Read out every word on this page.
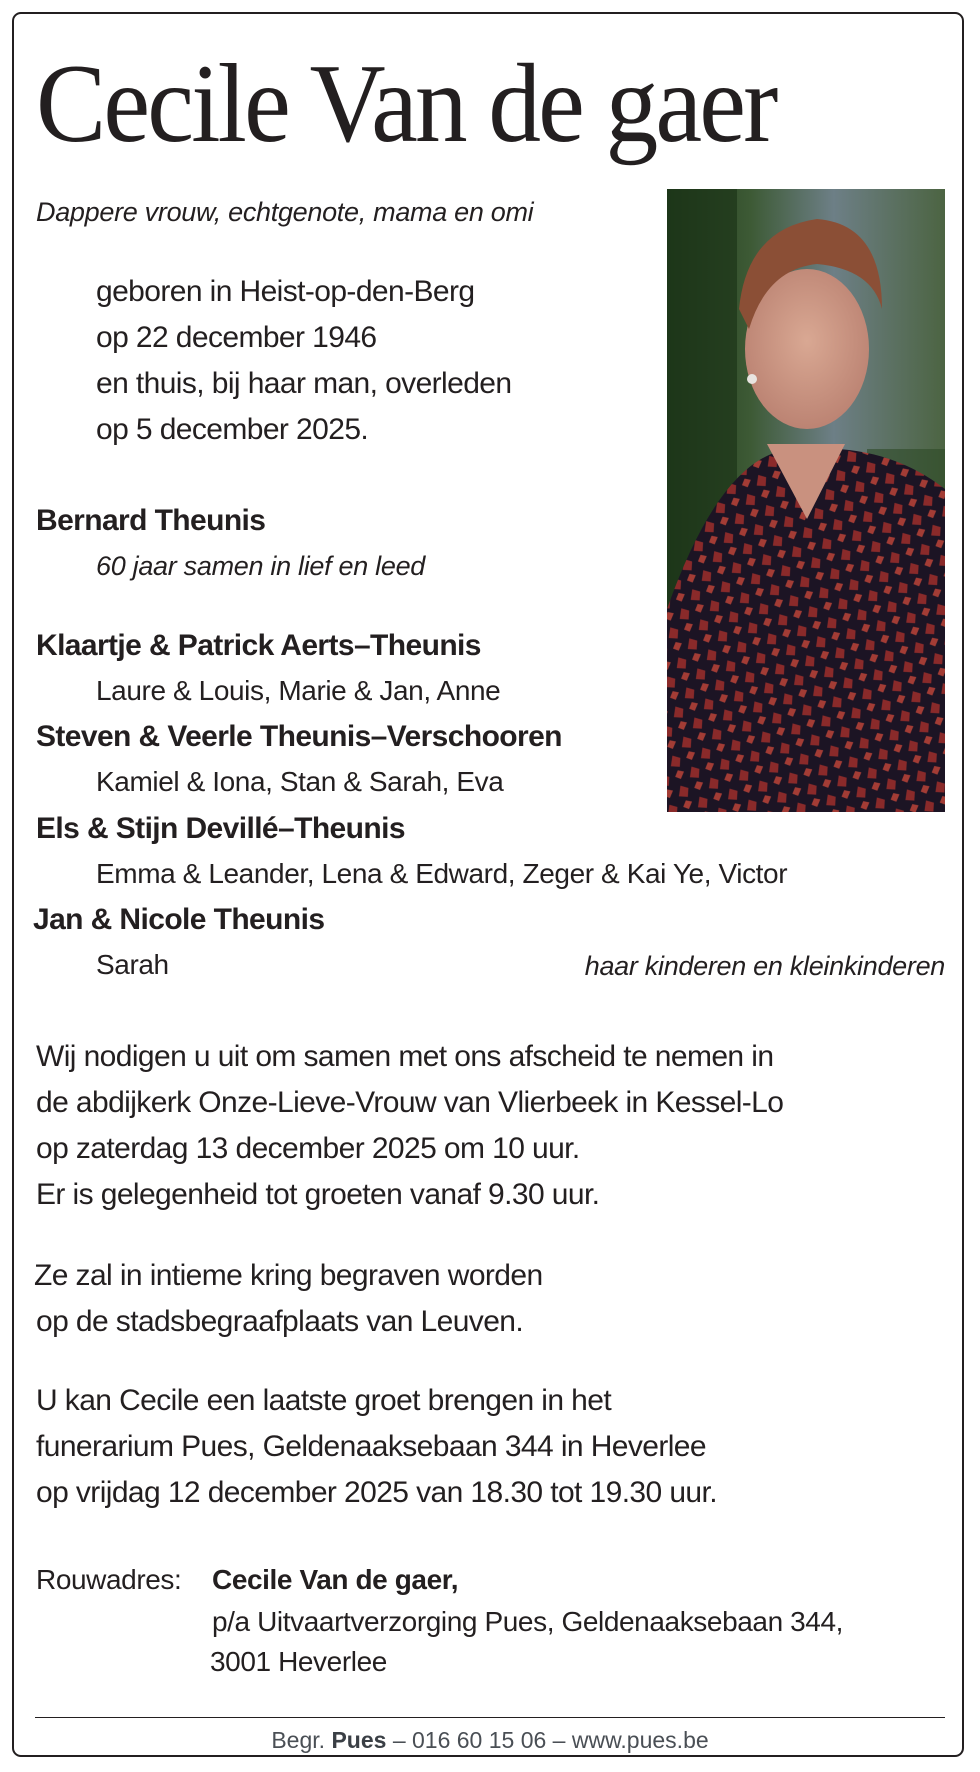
Cecile Van de gaer
Dappere vrouw, echtgenote, mama en omi
geboren in Heist-op-den-Berg
op 22 december 1946
en thuis, bij haar man, overleden
op 5 december 2025.
Bernard Theunis
60 jaar samen in lief en leed
Klaartje & Patrick Aerts–Theunis
Laure & Louis, Marie & Jan, Anne
Steven & Veerle Theunis–Verschooren
Kamiel & Iona, Stan & Sarah, Eva
Els & Stijn Devillé–Theunis
Emma & Leander, Lena & Edward, Zeger & Kai Ye, Victor
Jan & Nicole Theunis
Sarah	haar kinderen en kleinkinderen
Wij nodigen u uit om samen met ons afscheid te nemen in
de abdijkerk Onze-Lieve-Vrouw van Vlierbeek in Kessel-Lo
op zaterdag 13 december 2025 om 10 uur.
Er is gelegenheid tot groeten vanaf 9.30 uur.
Ze zal in intieme kring begraven worden
op de stadsbegraafplaats van Leuven.
U kan Cecile een laatste groet brengen in het
funerarium Pues, Geldenaaksebaan 344 in Heverlee
op vrijdag 12 december 2025 van 18.30 tot 19.30 uur.
Rouwadres: Cecile Van de gaer,
p/a Uitvaartverzorging Pues, Geldenaaksebaan 344,
3001 Heverlee
Begr. Pues – 016 60 15 06 – www.pues.be
